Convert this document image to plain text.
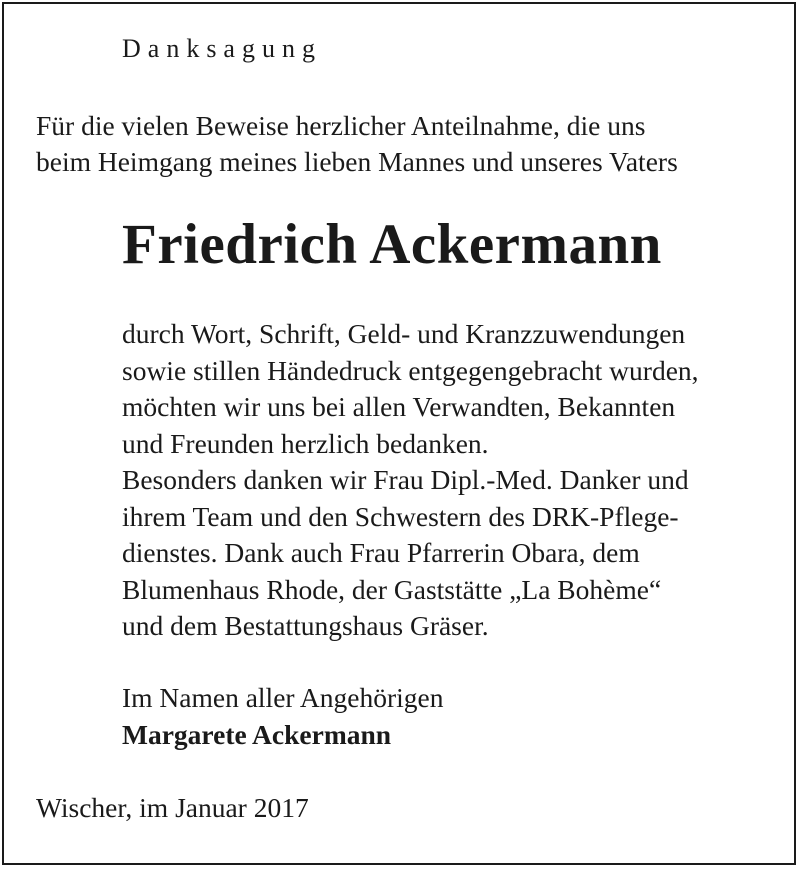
Danksagung
Für die vielen Beweise herzlicher Anteilnahme, die uns
beim Heimgang meines lieben Mannes und unseres Vaters
Friedrich Ackermann
durch Wort, Schrift, Geld- und Kranzzuwendungen
sowie stillen Händedruck entgegengebracht wurden,
möchten wir uns bei allen Verwandten, Bekannten
und Freunden herzlich bedanken.
Besonders danken wir Frau Dipl.-Med. Danker und
ihrem Team und den Schwestern des DRK-Pflege-
dienstes. Dank auch Frau Pfarrerin Obara, dem
Blumenhaus Rhode, der Gaststätte „La Bohème“
und dem Bestattungshaus Gräser.
Im Namen aller Angehörigen
Margarete Ackermann
Wischer, im Januar 2017
